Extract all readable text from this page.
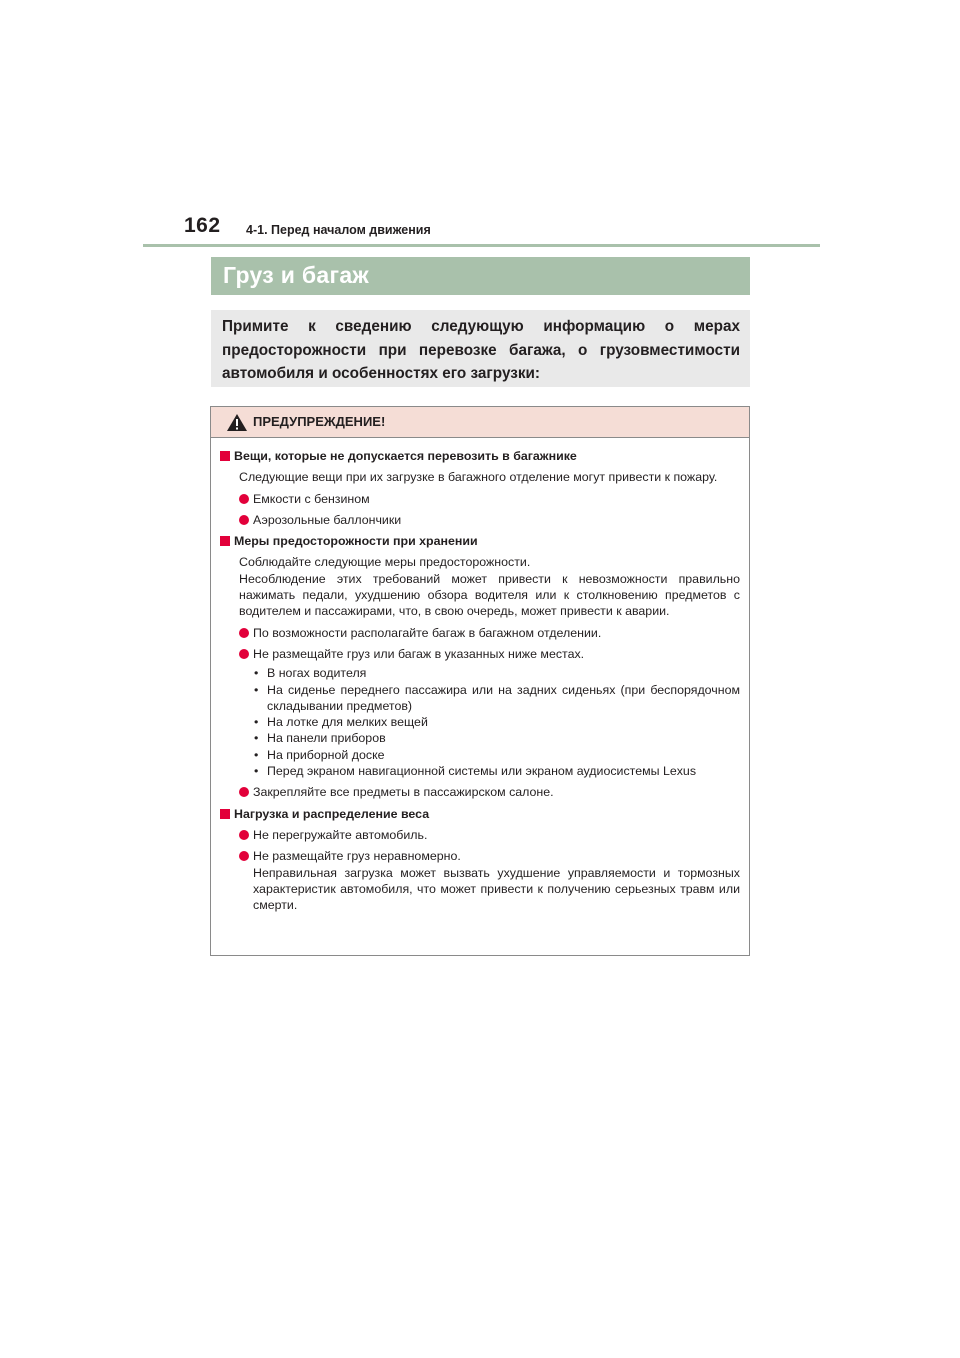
162 4-1. Перед началом движения
Груз и багаж

Примите к сведению следующую информацию о мерах предосторожности при перевозке багажа, о грузовместимости автомобиля и особенностях его загрузки:

ПРЕДУПРЕЖДЕНИЕ!
Вещи, которые не допускается перевозить в багажнике
Следующие вещи при их загрузке в багажного отделение могут привести к пожару.
Емкости с бензином
Аэрозольные баллончики
Меры предосторожности при хранении
Соблюдайте следующие меры предосторожности.
Несоблюдение этих требований может привести к невозможности правильно нажимать педали, ухудшению обзора водителя или к столкновению предметов с водителем и пассажирами, что, в свою очередь, может привести к аварии.
По возможности располагайте багаж в багажном отделении.
Не размещайте груз или багаж в указанных ниже местах.
• В ногах водителя
• На сиденье переднего пассажира или на задних сиденьях (при беспорядочном складывании предметов)
• На лотке для мелких вещей
• На панели приборов
• На приборной доске
• Перед экраном навигационной системы или экраном аудиосистемы Lexus
Закрепляйте все предметы в пассажирском салоне.
Нагрузка и распределение веса
Не перегружайте автомобиль.
Не размещайте груз неравномерно.
Неправильная загрузка может вызвать ухудшение управляемости и тормозных характеристик автомобиля, что может привести к получению серьезных травм или смерти.
